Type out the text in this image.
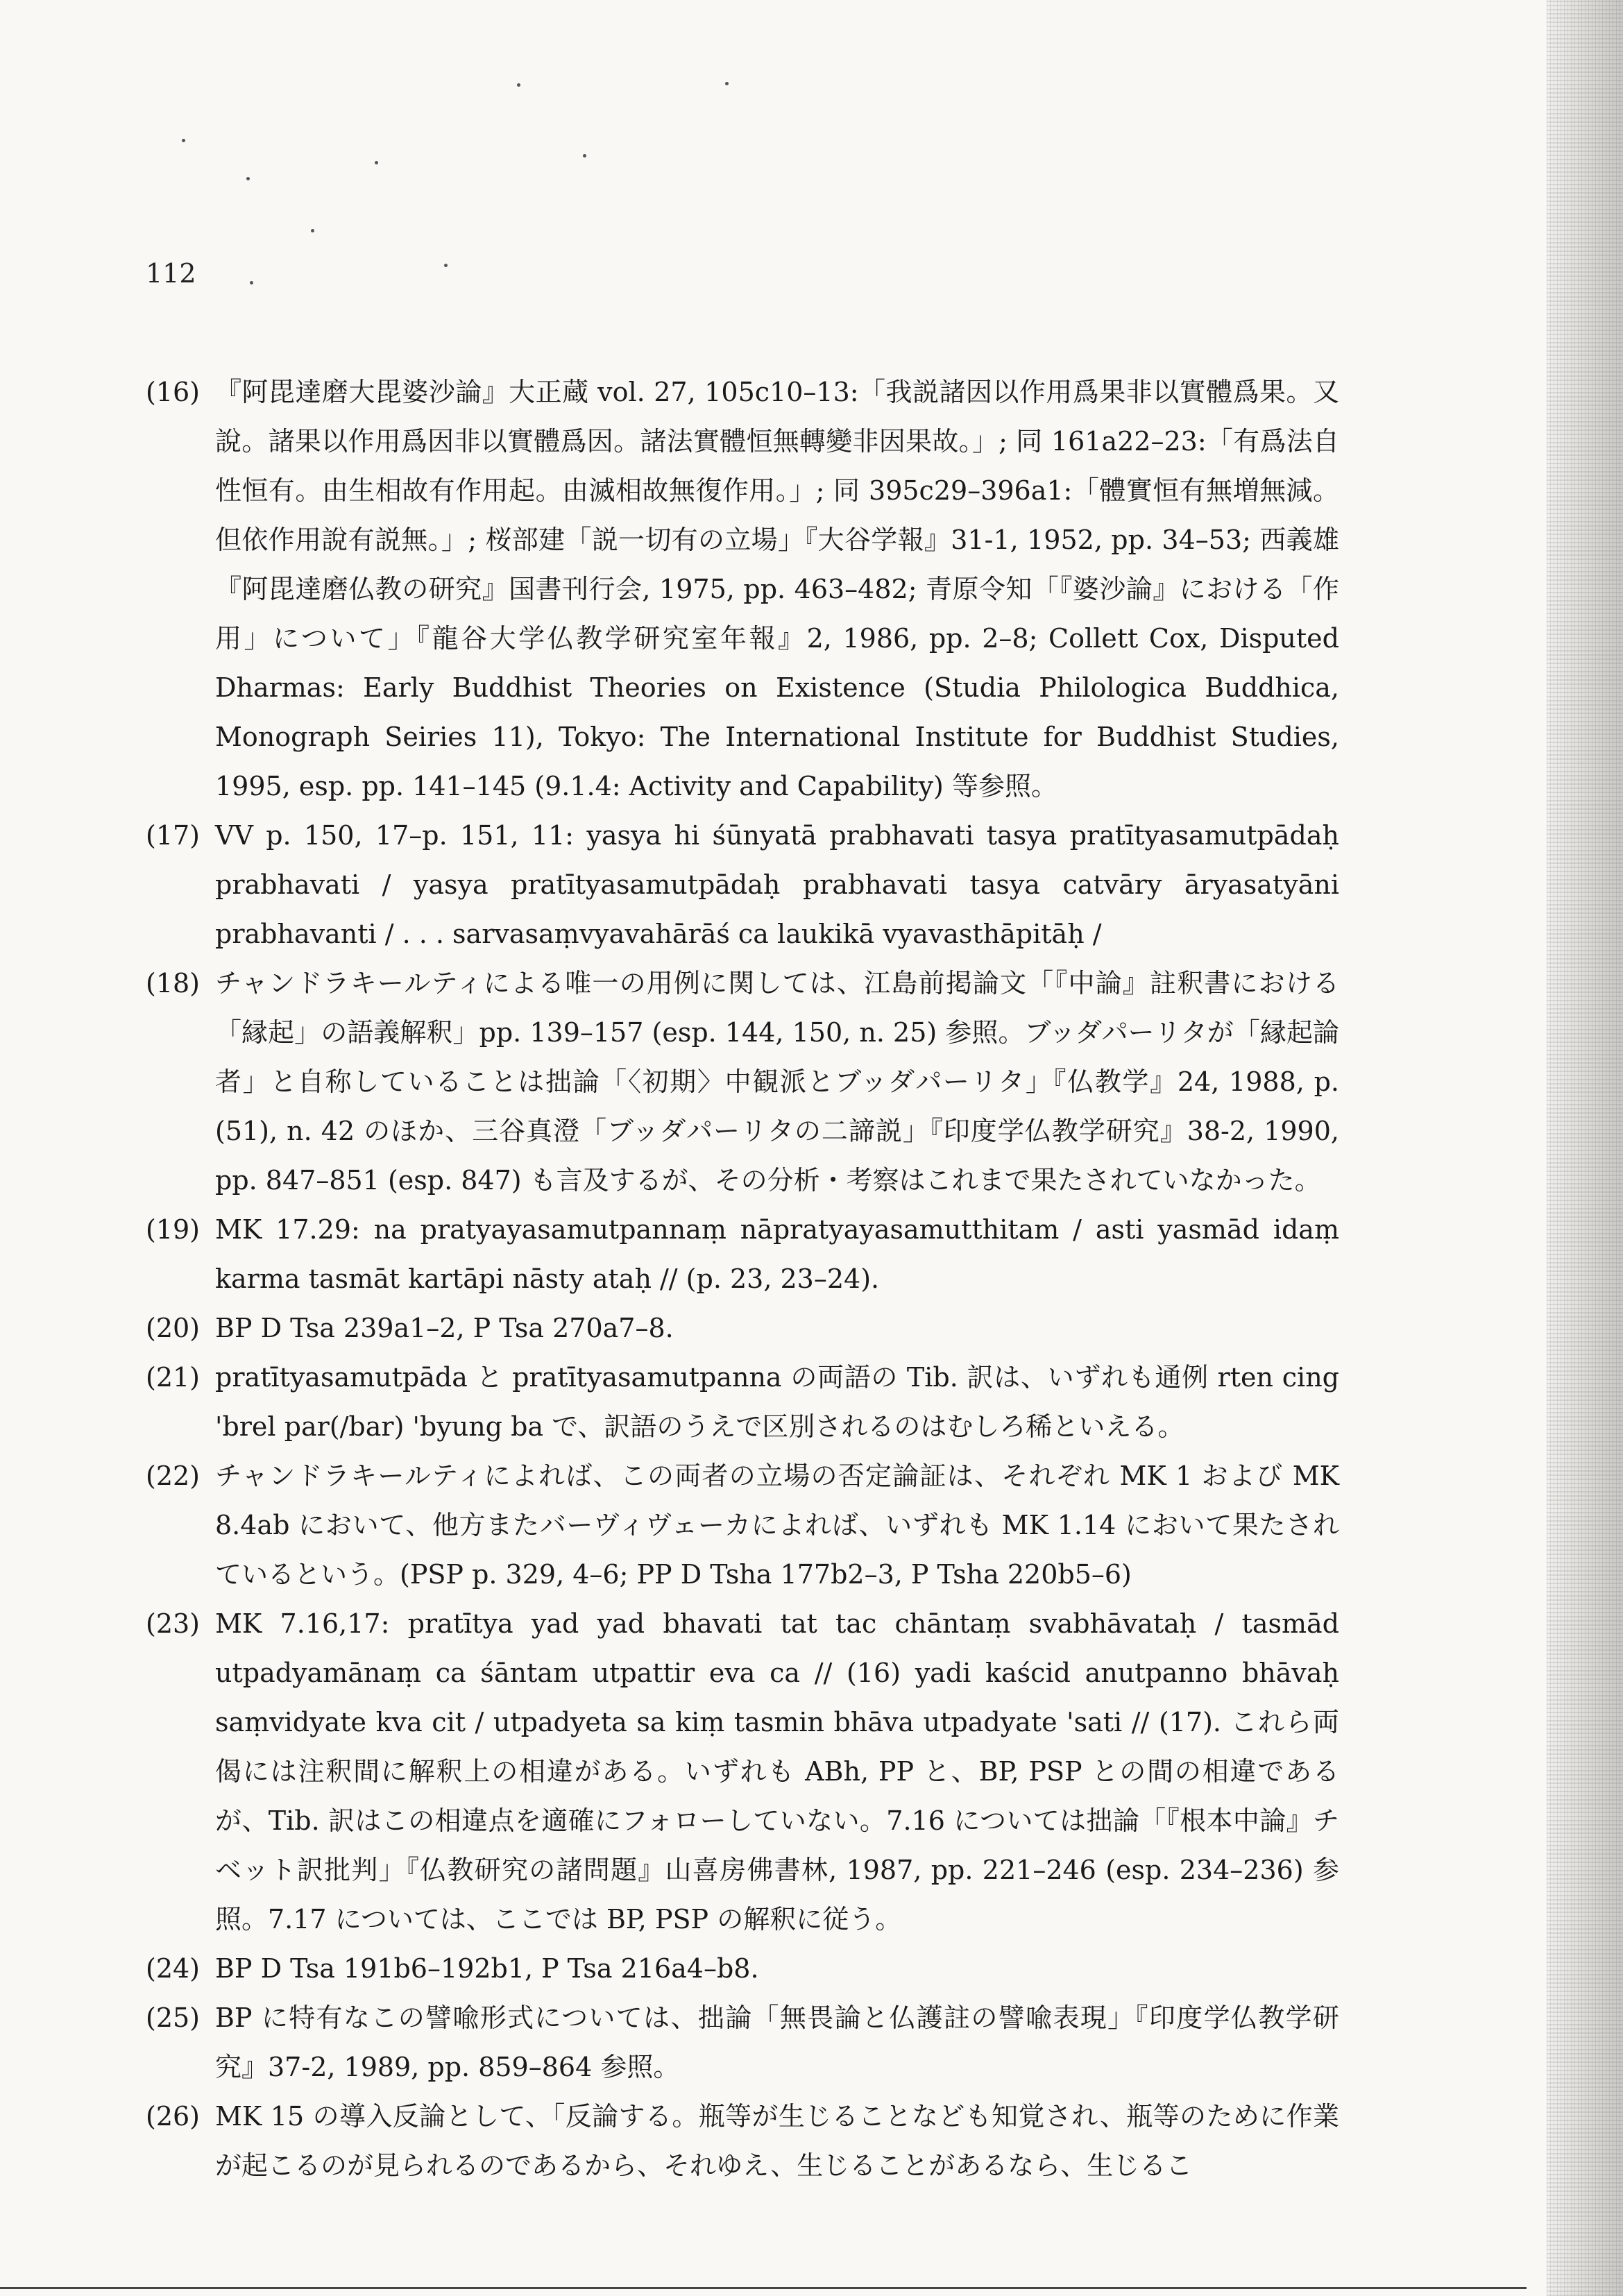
112

(16) 『阿毘達磨大毘婆沙論』大正蔵 vol. 27, 105c10–13:「我説諸因以作用爲果非以實體爲果。又說。諸果以作用爲因非以實體爲因。諸法實體恒無轉變非因果故。」; 同 161a22–23:「有爲法自性恒有。由生相故有作用起。由滅相故無復作用。」; 同 395c29–396a1:「體實恒有無増無減。但依作用說有説無。」; 桜部建「説一切有の立場」『大谷学報』31-1, 1952, pp. 34–53; 西義雄『阿毘達磨仏教の研究』国書刊行会, 1975, pp. 463–482; 青原令知「『婆沙論』における「作用」について」『龍谷大学仏教学研究室年報』2, 1986, pp. 2–8; Collett Cox, Disputed Dharmas: Early Buddhist Theories on Existence (Studia Philologica Buddhica, Monograph Seiries 11), Tokyo: The International Institute for Buddhist Studies, 1995, esp. pp. 141–145 (9.1.4: Activity and Capability) 等参照。

(17) VV p. 150, 17–p. 151, 11: yasya hi śūnyatā prabhavati tasya pratītyasamutpādaḥ prabhavati / yasya pratītyasamutpādaḥ prabhavati tasya catvāry āryasatyāni prabhavanti / . . . sarvasaṃvyavahārāś ca laukikā vyavasthāpitāḥ /

(18) チャンドラキールティによる唯一の用例に関しては、江島前掲論文「『中論』註釈書における「縁起」の語義解釈」pp. 139–157 (esp. 144, 150, n. 25) 参照。ブッダパーリタが「縁起論者」と自称していることは拙論「〈初期〉中観派とブッダパーリタ」『仏教学』24, 1988, p. (51), n. 42 のほか、三谷真澄「ブッダパーリタの二諦説」『印度学仏教学研究』38-2, 1990, pp. 847–851 (esp. 847) も言及するが、その分析・考察はこれまで果たされていなかった。

(19) MK 17.29: na pratyayasamutpannaṃ nāpratyayasamutthitam / asti yasmād idaṃ karma tasmāt kartāpi nāsty ataḥ // (p. 23, 23–24).

(20) BP D Tsa 239a1–2, P Tsa 270a7–8.

(21) pratītyasamutpāda と pratītyasamutpanna の両語の Tib. 訳は、いずれも通例 rten cing 'brel par(/bar) 'byung ba で、訳語のうえで区別されるのはむしろ稀といえる。

(22) チャンドラキールティによれば、この両者の立場の否定論証は、それぞれ MK 1 および MK 8.4ab において、他方またバーヴィヴェーカによれば、いずれも MK 1.14 において果たされているという。(PSP p. 329, 4–6; PP D Tsha 177b2–3, P Tsha 220b5–6)

(23) MK 7.16,17: pratītya yad yad bhavati tat tac chāntaṃ svabhāvataḥ / tasmād utpadyamānaṃ ca śāntam utpattir eva ca // (16) yadi kaścid anutpanno bhāvaḥ saṃvidyate kva cit / utpadyeta sa kiṃ tasmin bhāva utpadyate 'sati // (17). これら両偈には注釈間に解釈上の相違がある。いずれも ABh, PP と、BP, PSP との間の相違であるが、Tib. 訳はこの相違点を適確にフォローしていない。7.16 については拙論「『根本中論』チベット訳批判」『仏教研究の諸問題』山喜房佛書林, 1987, pp. 221–246 (esp. 234–236) 参照。7.17 については、ここでは BP, PSP の解釈に従う。

(24) BP D Tsa 191b6–192b1, P Tsa 216a4–b8.

(25) BP に特有なこの譬喩形式については、拙論「無畏論と仏護註の譬喩表現」『印度学仏教学研究』37-2, 1989, pp. 859–864 参照。

(26) MK 15 の導入反論として、「反論する。瓶等が生じることなども知覚され、瓶等のために作業が起こるのが見られるのであるから、それゆえ、生じることがあるなら、生じるこ
